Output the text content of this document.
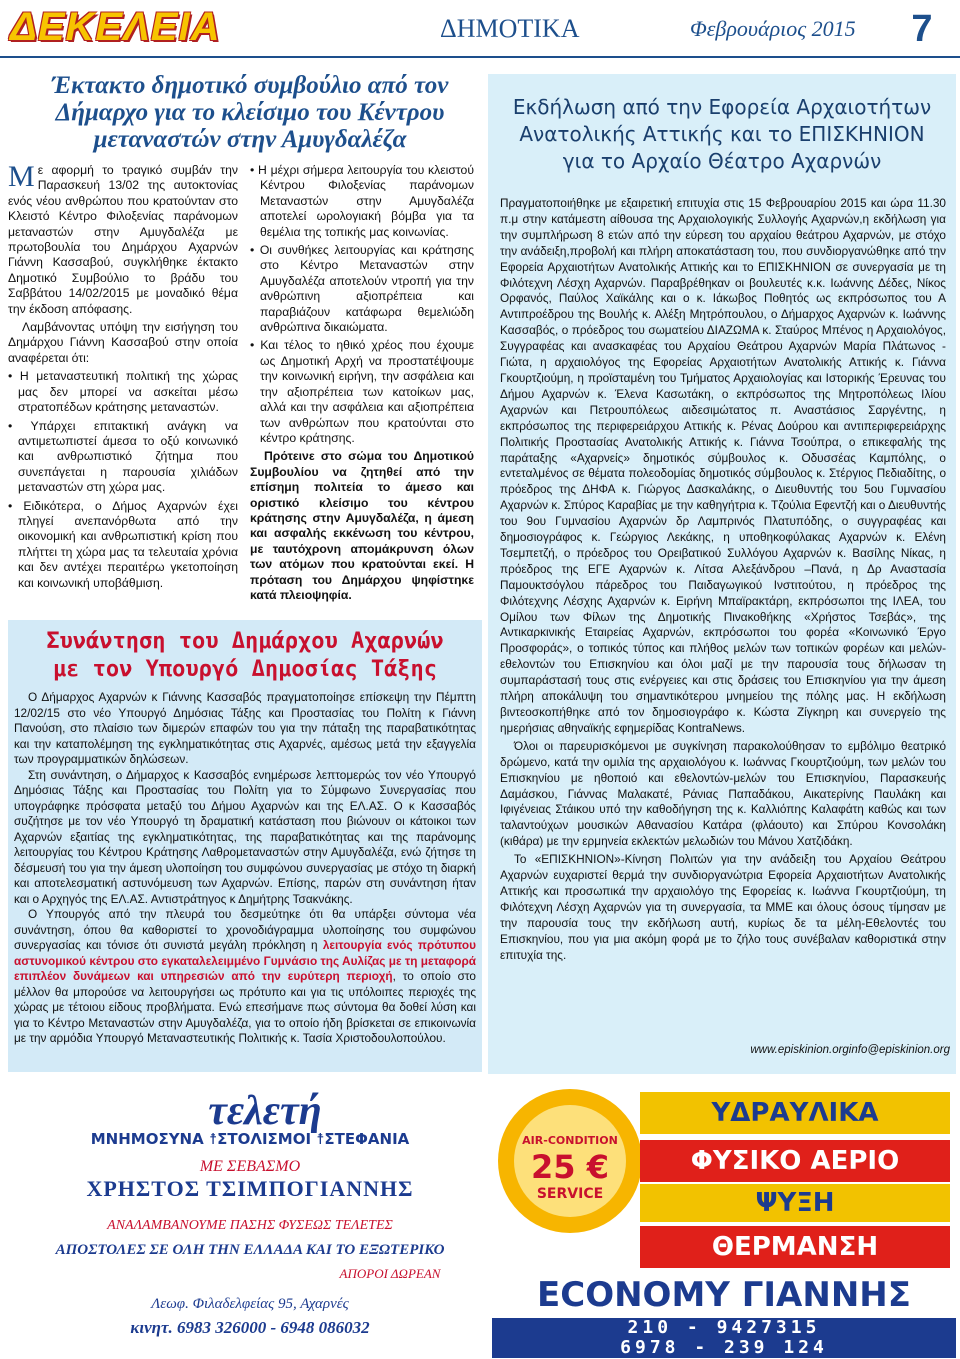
ΔΕΚΕΛΕΙΑ	ΔΗΜΟΤΙΚΑ	Φεβρουάριος 2015	7
Έκτακτο δημοτικό συμβούλιο από τον
Δήμαρχο για το κλείσιμο του Κέντρου
μεταναστών στην Αμυγδαλέζα

Με αφορμή το τραγικό συμβάν την Παρασκευή 13/02 της αυτοκτονίας ενός νέου ανθρώπου που κρατούνταν στο Κλειστό Κέντρο Φιλοξενίας παράνομων μεταναστών στην Αμυγδαλέζα με πρωτοβουλία του Δημάρχου Αχαρνών Γιάννη Κασσαβού, συγκλήθηκε έκτακτο Δημοτικό Συμβούλιο το βράδυ του Σαββάτου 14/02/2015 με μοναδικό θέμα την έκδοση απόφασης.

Λαμβάνοντας υπόψη την εισήγηση του Δημάρχου Γιάννη Κασσαβού στην οποία αναφέρεται ότι:

• Η μεταναστευτική πολιτική της χώρας μας δεν μπορεί να ασκείται μέσω στρατοπέδων κράτησης μεταναστών.

• Υπάρχει επιτακτική ανάγκη να αντιμετωπιστεί άμεσα το οξύ κοινωνικό και ανθρωπιστικό ζήτημα που συνεπάγεται η παρουσία χιλιάδων μεταναστών στη χώρα μας.

• Ειδικότερα, ο Δήμος Αχαρνών έχει πληγεί ανεπανόρθωτα από την οικονομική και ανθρωπιστική κρίση που πλήττει τη χώρα μας τα τελευταία χρόνια και δεν αντέχει περαιτέρω γκετοποίηση και κοινωνική υποβάθμιση.

• Η μέχρι σήμερα λειτουργία του κλειστού Κέντρου Φιλοξενίας παράνομων Μεταναστών στην Αμυγδαλέζα αποτελεί ωρολογιακή βόμβα για τα θεμέλια της τοπικής μας κοινωνίας.

• Οι συνθήκες λειτουργίας και κράτησης στο Κέντρο Μεταναστών στην Αμυγδαλέζα αποτελούν ντροπή για την ανθρώπινη αξιοπρέπεια και παραβιάζουν κατάφωρα θεμελιώδη ανθρώπινα δικαιώματα.

• Και τέλος το ηθικό χρέος που έχουμε ως Δημοτική Αρχή να προστατέψουμε την κοινωνική ειρήνη, την ασφάλεια και την αξιοπρέπεια των κατοίκων μας, αλλά και την ασφάλεια και αξιοπρέπεια των ανθρώπων που κρατούνται στο κέντρο κράτησης.

Πρότεινε στο σώμα του Δημοτικού Συμβουλίου να ζητηθεί από την επίσημη πολιτεία το άμεσο και οριστικό κλείσιμο του κέντρου κράτησης στην Αμυγδαλέζα, η άμεση και ασφαλής εκκένωση του κέντρου, με ταυτόχρονη απομάκρυνση όλων των ατόμων που κρατούνται εκεί. Η πρόταση του Δημάρχου ψηφίστηκε κατά πλειοψηφία.

Συνάντηση του Δημάρχου Αχαρνών
με τον Υπουργό Δημοσίας Τάξης

Ο Δήμαρχος Αχαρνών κ Γιάννης Κασσαβός πραγματοποίησε επίσκεψη την Πέμπτη 12/02/15 στο νέο Υπουργό Δημόσιας Τάξης και Προστασίας του Πολίτη κ Γιάννη Πανούση, στο πλαίσιο των διμερών επαφών του για την πάταξη της παραβατικότητας και την καταπολέμηση της εγκληματικότητας στις Αχαρνές, αμέσως μετά την εξαγγελία των προγραμματικών δηλώσεων.

Στη συνάντηση, ο Δήμαρχος κ Κασσαβός ενημέρωσε λεπτομερώς τον νέο Υπουργό Δημόσιας Τάξης και Προστασίας του Πολίτη για το Σύμφωνο Συνεργασίας που υπογράφηκε πρόσφατα μεταξύ του Δήμου Αχαρνών και της ΕΛ.ΑΣ. Ο κ Κασσαβός συζήτησε με τον νέο Υπουργό τη δραματική κατάσταση που βιώνουν οι κάτοικοι των Αχαρνών εξαιτίας της εγκληματικότητας, της παραβατικότητας και της παράνομης λειτουργίας του Κέντρου Κράτησης Λαθρομεταναστών στην Αμυγδαλέζα, ενώ ζήτησε τη δέσμευσή του για την άμεση υλοποίηση του συμφώνου συνεργασίας με στόχο τη διαρκή και αποτελεσματική αστυνόμευση των Αχαρνών. Επίσης, παρών στη συνάντηση ήταν και ο Αρχηγός της ΕΛ.ΑΣ. Αντιστράτηγος κ Δημήτρης Τσακνάκης.

Ο Υπουργός από την πλευρά του δεσμεύτηκε ότι θα υπάρξει σύντομα νέα συνάντηση, όπου θα καθοριστεί το χρονοδιάγραμμα υλοποίησης του συμφώνου συνεργασίας και τόνισε ότι συνιστά μεγάλη πρόκληση η λειτουργία ενός πρότυπου αστυνομικού κέντρου στο εγκαταλελειμμένο Γυμνάσιο της Αυλίζας με τη μεταφορά επιπλέον δυνάμεων και υπηρεσιών από την ευρύτερη περιοχή, το οποίο στο μέλλον θα μπορούσε να λειτουργήσει ως πρότυπο και για τις υπόλοιπες περιοχές της χώρας με τέτοιου είδους προβλήματα. Ενώ επεσήμανε πως σύντομα θα δοθεί λύση και για το Κέντρο Μεταναστών στην Αμυγδαλέζα, για το οποίο ήδη βρίσκεται σε επικοινωνία με την αρμόδια Υπουργό Μεταναστευτικής Πολιτικής κ. Τασία Χριστοδουλοπούλου.

Εκδήλωση από την Εφορεία Αρχαιοτήτων
Ανατολικής Αττικής και το ΕΠΙΣΚΗΝΙΟΝ
για το Αρχαίο Θέατρο Αχαρνών

Πραγματοποιήθηκε με εξαιρετική επιτυχία στις 15 Φεβρουαρίου 2015 και ώρα 11.30 π.μ στην κατάμεστη αίθουσα της Αρχαιολογικής Συλλογής Αχαρνών,η εκδήλωση για την συμπλήρωση 8 ετών από την εύρεση του αρχαίου θεάτρου Αχαρνών, με στόχο την ανάδειξη,προβολή και πλήρη αποκατάσταση του, που συνδιοργανώθηκε από την Εφορεία Αρχαιοτήτων Ανατολικής Αττικής και το ΕΠΙΣΚΗΝΙΟΝ σε συνεργασία με τη Φιλότεχνη Λέσχη Αχαρνών. Παραβρέθηκαν οι βουλευτές κ.κ. Ιωάννης Δέδες, Νίκος Ορφανός, Παύλος Χαϊκάλης και ο κ. Ιάκωβος Ποθητός ως εκπρόσωπος του Α Αντιπροέδρου της Βουλής κ. Αλέξη Μητρόπουλου, ο Δήμαρχος Αχαρνών κ. Ιωάννης Κασσαβός, ο πρόεδρος του σωματείου ΔΙΑΖΩΜΑ κ. Σταύρος Μπένος η Αρχαιολόγος, Συγγραφέας και ανασκαφέας του Αρχαίου Θεάτρου Αχαρνών Μαρία Πλάτωνος - Γιώτα, η αρχαιολόγος της Εφορείας Αρχαιοτήτων Ανατολικής Αττικής κ. Γιάννα Γκουρτζιούμη, η προϊσταμένη του Τμήματος Αρχαιολογίας και Ιστορικής Έρευνας του Δήμου Αχαρνών κ. Έλενα Κασωτάκη, ο εκπρόσωπος της Μητροπόλεως Ιλίου Αχαρνών και Πετρουπόλεως αιδεσιμώτατος π. Αναστάσιος Σαργέντης, η εκπρόσωπος της περιφερειάρχου Αττικής κ. Ρένας Δούρου και αντιπεριφερειάρχης Πολιτικής Προστασίας Ανατολικής Αττικής κ. Γιάννα Τσούπρα, ο επικεφαλής της παράταξης «Αχαρνείς» δημοτικός σύμβουλος κ. Οδυσσέας Καμπόλης, ο εντεταλμένος σε θέματα πολεοδομίας δημοτικός σύμβουλος κ. Στέργιος Πεδιαδίτης, ο πρόεδρος της ΔΗΦΑ κ. Γιώργος Δασκαλάκης, ο Διευθυντής του 5ου Γυμνασίου Αχαρνών κ. Σπύρος Καραβίας με την καθηγήτρια κ. Τζούλια Εφεντζή και ο Διευθυντής του 9ου Γυμνασίου Αχαρνών δρ Λαμπρινός Πλατυπόδης, ο συγγραφέας και δημοσιογράφος κ. Γεώργιος Λεκάκης, η υποθηκοφύλακας Αχαρνών κ. Ελένη Τσεμπετζή, ο πρόεδρος του Ορειβατικού Συλλόγου Αχαρνών κ. Βασίλης Νίκας, η πρόεδρος της ΕΓΕ Αχαρνών κ. Λίτσα Αλεξάνδρου –Πανά, η Δρ Αναστασία Παμουκτσόγλου πάρεδρος του Παιδαγωγικού Ινστιτούτου, η πρόεδρος της Φιλότεχνης Λέσχης Αχαρνών κ. Ειρήνη Μπαϊρακτάρη, εκπρόσωποι της ΙΛΕΑ, του Ομίλου των Φίλων της Δημοτικής Πινακοθήκης «Χρήστος Τσεβάς», της Αντικαρκινικής Εταιρείας Αχαρνών, εκπρόσωποι του φορέα «Κοινωνικό Έργο Προσφοράς», ο τοπικός τύπος και πλήθος μελών των τοπικών φορέων και μελών-εθελοντών του Επισκηνίου και όλοι μαζί με την παρουσία τους δήλωσαν τη συμπαράστασή τους στις ενέργειες και στις δράσεις του Επισκηνίου για την άμεση πλήρη αποκάλυψη του σημαντικότερου μνημείου της πόλης μας. Η εκδήλωση βιντεοσκοπήθηκε από τον δημοσιογράφο κ. Κώστα Ζίγκηρη και συνεργείο της ημερήσιας αθηναϊκής εφημερίδας KontraNews.

Όλοι οι παρευρισκόμενοι με συγκίνηση παρακολούθησαν το εμβόλιμο θεατρικό δρώμενο, κατά την ομιλία της αρχαιολόγου κ. Ιωάννας Γκουρτζιούμη, των μελών του Επισκηνίου με ηθοποιό και εθελοντών-μελών του Επισκηνίου, Παρασκευής Δαμάσκου, Γιάννας Μαλακατέ, Ράνιας Παπαδάκου, Αικατερίνης Παυλάκη και Ιφιγένειας Στάικου υπό την καθοδήγηση της κ. Καλλιόπης Καλαφάτη καθώς και των ταλαντούχων μουσικών Αθανασίου Κατάρα (φλάουτο) και Σπύρου Κονσολάκη (κιθάρα) με την ερμηνεία εκλεκτών μελωδιών του Μάνου Χατζιδάκη.

Το «ΕΠΙΣΚΗΝΙΟΝ»-Κίνηση Πολιτών για την ανάδειξη του Αρχαίου Θεάτρου Αχαρνών ευχαριστεί θερμά την συνδιοργανώτρια Εφορεία Αρχαιοτήτων Ανατολικής Αττικής και προσωπικά την αρχαιολόγο της Εφορείας κ. Ιωάννα Γκουρτζιούμη, τη Φιλότεχνη Λέσχη Αχαρνών για τη συνεργασία, τα ΜΜΕ και όλους όσους τίμησαν με την παρουσία τους την εκδήλωση αυτή, κυρίως δε τα μέλη-Εθελοντές του Επισκηνίου, που για μια ακόμη φορά με το ζήλο τους συνέβαλαν καθοριστικά στην επιτυχία της.

www.episkinion.orginfo@episkinion.org
τελετή
ΜΝΗΜΟΣΥΝΑ ☨ΣΤΟΛΙΣΜΟΙ ☨ΣΤΕΦΑΝΙΑ
ΜΕ ΣΕΒΑΣΜΟ
ΧΡΗΣΤΟΣ ΤΣΙΜΠΟΓΙΑΝΝΗΣ
ΑΝΑΛΑΜΒΑΝΟΥΜΕ ΠΑΣΗΣ ΦΥΣΕΩΣ ΤΕΛΕΤΕΣ
ΑΠΟΣΤΟΛΕΣ ΣΕ ΟΛΗ ΤΗΝ ΕΛΛΑΔΑ ΚΑΙ ΤΟ ΕΞΩΤΕΡΙΚΟ
ΑΠΟΡΟΙ ΔΩΡΕΑΝ
Λεωφ. Φιλαδελφείας 95, Αχαρνές
κινητ. 6983 326000 - 6948 086032
AIR-CONDITION
25 €
SERVICE
ΥΔΡΑΥΛΙΚΑ
ΦΥΣΙΚΟ ΑΕΡΙΟ
ΨΥΞΗ
ΘΕΡΜΑΝΣΗ
ECONOMY ΓΙΑΝΝΗΣ
210 - 9427315
6978 - 239 124
